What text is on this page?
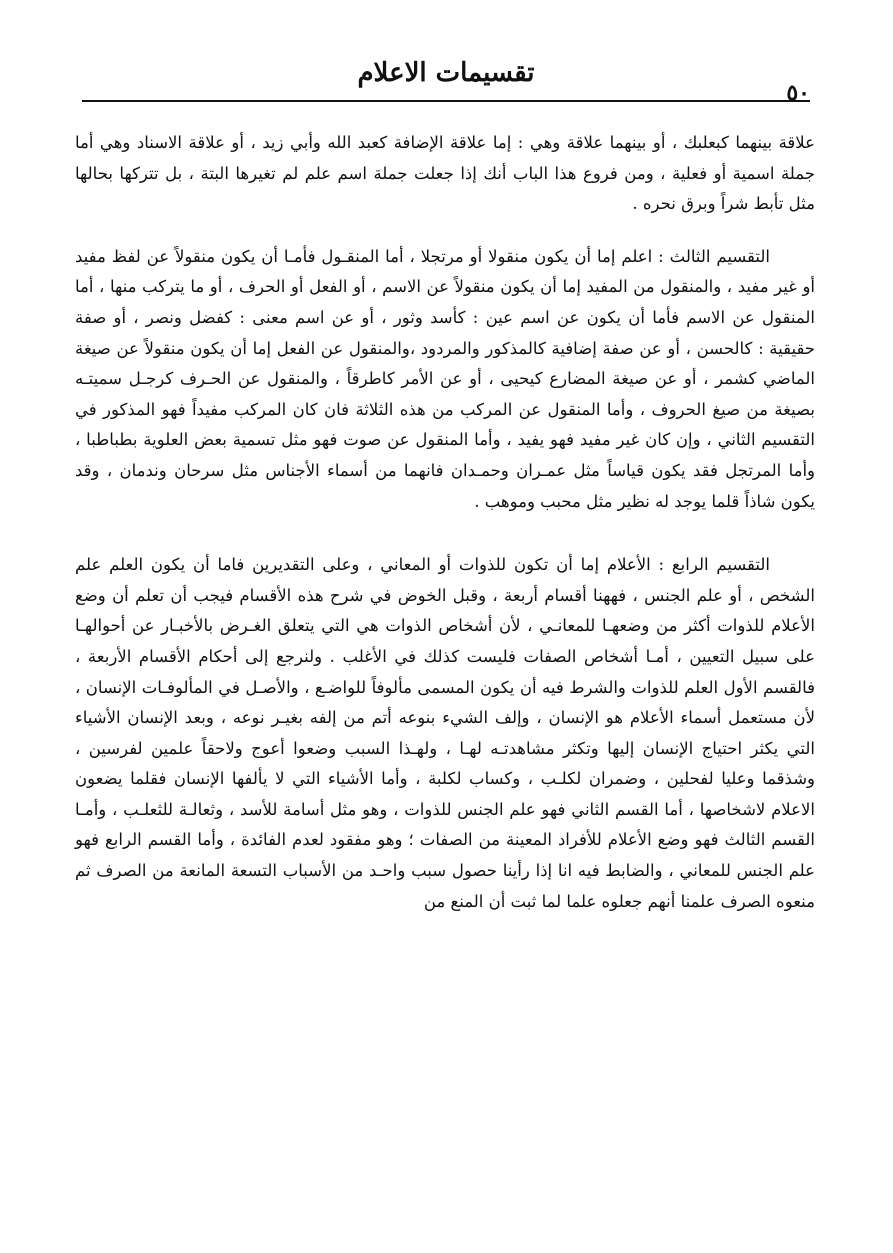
٥٠
تقسيمات الاعلام

علاقة بينهما كبعلبك ، أو بينهما علاقة وهي : إما علاقة الإضافة كعبد الله وأبي زيد ، أو علاقة الاسناد وهي أما جملة اسمية أو فعلية ، ومن فروع هذا الباب أنك إذا جعلت جملة اسم علم لم تغيرها البتة ، بل تتركها بحالها مثل تأبط شراً وبرق نحره .

التقسيم الثالث : اعلم إما أن يكون منقولا أو مرتجلا ، أما المنقـول فأمـا أن يكون منقولاً عن لفظ مفيد أو غير مفيد ، والمنقول من المفيد إما أن يكون منقولاً عن الاسم ، أو الفعل أو الحرف ، أو ما يتركب منها ، أما المنقول عن الاسم فأما أن يكون عن اسم عين : كأسد وثور ، أو عن اسم معنى : كفضل ونصر ، أو صفة حقيقية : كالحسن ، أو عن صفة إضافية كالمذكور والمردود ،والمنقول عن الفعل إما أن يكون منقولاً عن صيغة الماضي كشمر ، أو عن صيغة المضارع كيحيى ، أو عن الأمر كاطرقاً ، والمنقول عن الحـرف كرجـل سميتـه بصيغة من صيغ الحروف ، وأما المنقول عن المركب من هذه الثلاثة فان كان المركب مفيداً فهو المذكور في التقسيم الثاني ، وإن كان غير مفيد فهو يفيد ، وأما المنقول عن صوت فهو مثل تسمية بعض العلوية بطباطبا ، وأما المرتجل فقد يكون قياساً مثل عمـران وحمـدان فانهما من أسماء الأجناس مثل سرحان وندمان ، وقد يكون شاذاً قلما يوجد له نظير مثل محبب وموهب .

التقسيم الرابع : الأعلام إما أن تكون للذوات أو المعاني ، وعلى التقديرين فاما أن يكون العلم علم الشخص ، أو علم الجنس ، فههنا أقسام أربعة ، وقبل الخوض في شرح هذه الأقسام فيجب أن تعلم أن وضع الأعلام للذوات أكثر من وضعهـا للمعانـي ، لأن أشخاص الذوات هي التي يتعلق الغـرض بالأخبـار عن أحوالهـا على سبيل التعيين ، أمـا أشخاص الصفات فليست كذلك في الأغلب . ولنرجع إلى أحكام الأقسام الأربعة ، فالقسم الأول العلم للذوات والشرط فيه أن يكون المسمى مألوفاً للواضـع ، والأصـل في المألوفـات الإنسان ، لأن مستعمل أسماء الأعلام هو الإنسان ، وإلف الشيء بنوعه أتم من إلفه بغيـر نوعه ، وبعد الإنسان الأشياء التي يكثر احتياج الإنسان إليها وتكثر مشاهدتـه لهـا ، ولهـذا السبب وضعوا أعوج ولاحقاً علمين لفرسين ، وشذقما وعليا لفحلين ، وضمران لكلـب ، وكساب لكلبة ، وأما الأشياء التي لا يألفها الإنسان فقلما يضعون الاعلام لاشخاصها ، أما القسم الثاني فهو علم الجنس للذوات ، وهو مثل أسامة للأسد ، وثعالـة للثعلـب ، وأمـا القسم الثالث فهو وضع الأعلام للأفراد المعينة من الصفات ؛ وهو مفقود لعدم الفائدة ، وأما القسم الرابع فهو علم الجنس للمعاني ، والضابط فيه انا إذا رأينا حصول سبب واحـد من الأسباب التسعة المانعة من الصرف ثم منعوه الصرف علمنا أنهم جعلوه علما لما ثبت أن المنع من
